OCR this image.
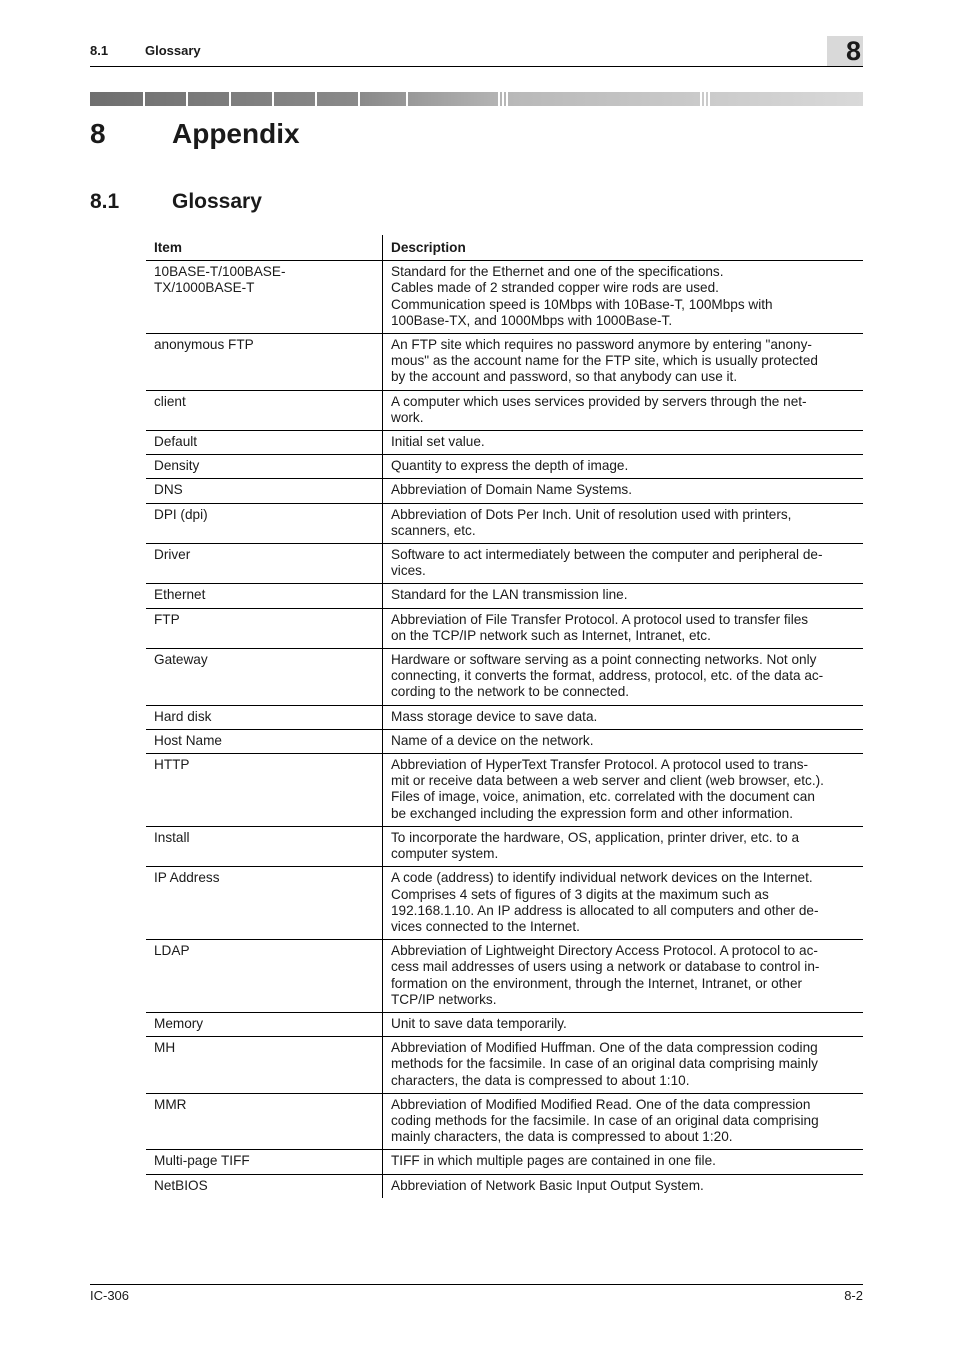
8.1	Glossary	8
8 Appendix
8.1	Glossary
Item	Description
10BASE-T/100BASE-
TX/1000BASE-T	Standard for the Ethernet and one of the specifications.
Cables made of 2 stranded copper wire rods are used.
Communication speed is 10Mbps with 10Base-T, 100Mbps with
100Base-TX, and 1000Mbps with 1000Base-T.
anonymous FTP	An FTP site which requires no password anymore by entering "anony-
mous" as the account name for the FTP site, which is usually protected
by the account and password, so that anybody can use it.
client	A computer which uses services provided by servers through the net-
work.
Default	Initial set value.
Density	Quantity to express the depth of image.
DNS	Abbreviation of Domain Name Systems.
DPI (dpi)	Abbreviation of Dots Per Inch. Unit of resolution used with printers,
scanners, etc.
Driver	Software to act intermediately between the computer and peripheral de-
vices.
Ethernet	Standard for the LAN transmission line.
FTP	Abbreviation of File Transfer Protocol. A protocol used to transfer files
on the TCP/IP network such as Internet, Intranet, etc.
Gateway	Hardware or software serving as a point connecting networks. Not only
connecting, it converts the format, address, protocol, etc. of the data ac-
cording to the network to be connected.
Hard disk	Mass storage device to save data.
Host Name	Name of a device on the network.
HTTP	Abbreviation of HyperText Transfer Protocol. A protocol used to trans-
mit or receive data between a web server and client (web browser, etc.).
Files of image, voice, animation, etc. correlated with the document can
be exchanged including the expression form and other information.
Install	To incorporate the hardware, OS, application, printer driver, etc. to a
computer system.
IP Address	A code (address) to identify individual network devices on the Internet.
Comprises 4 sets of figures of 3 digits at the maximum such as
192.168.1.10. An IP address is allocated to all computers and other de-
vices connected to the Internet.
LDAP	Abbreviation of Lightweight Directory Access Protocol. A protocol to ac-
cess mail addresses of users using a network or database to control in-
formation on the environment, through the Internet, Intranet, or other
TCP/IP networks.
Memory	Unit to save data temporarily.
MH	Abbreviation of Modified Huffman. One of the data compression coding
methods for the facsimile. In case of an original data comprising mainly
characters, the data is compressed to about 1:10.
MMR	Abbreviation of Modified Modified Read. One of the data compression
coding methods for the facsimile. In case of an original data comprising
mainly characters, the data is compressed to about 1:20.
Multi-page TIFF	TIFF in which multiple pages are contained in one file.
NetBIOS	Abbreviation of Network Basic Input Output System.
IC-306	8-2
